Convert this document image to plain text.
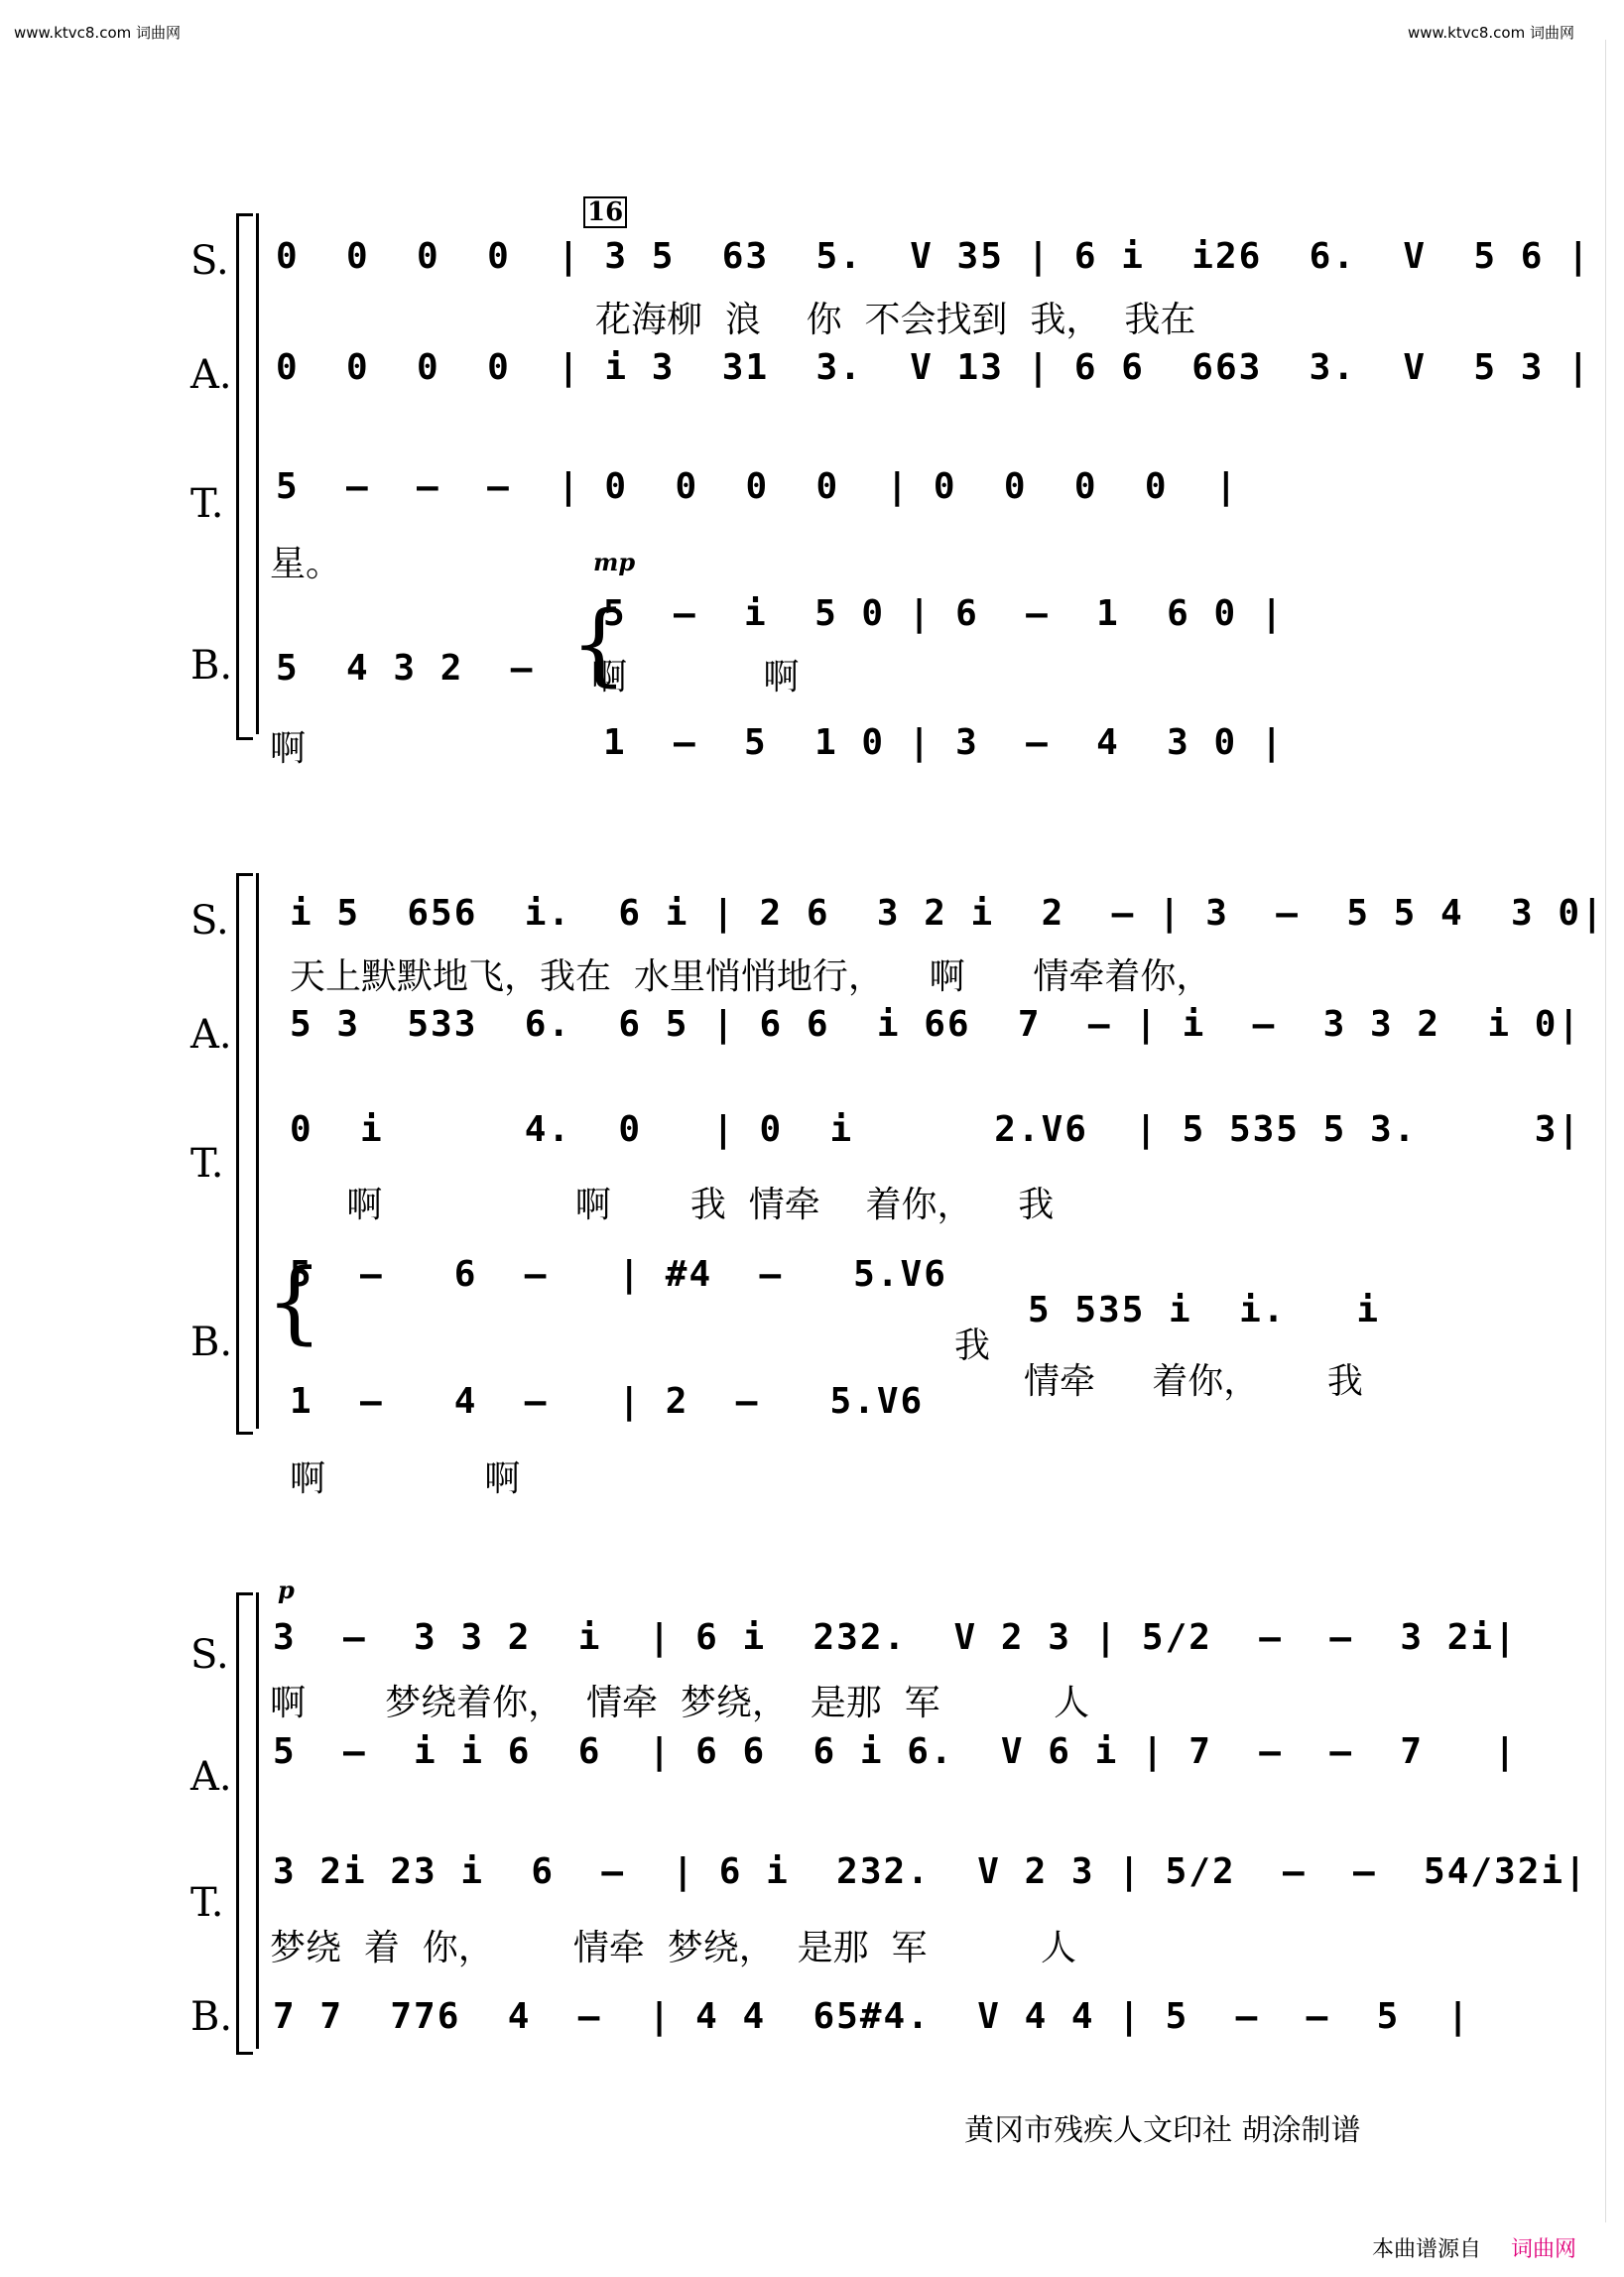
www.ktvc8.com 词曲网	www.ktvc8.com 词曲网
S.
A.
T.
B.
16
0  0  0  0  | 3 5  63  5.  V 35 | 6 i  i26  6.  V  5 6 |
花海柳  浪    你  不会找到  我，  我在
0  0  0  0  | i 3  31  3.  V 13 | 6 6  663  3.  V  5 3 |
5  –  –  –  | 0  0  0  0  | 0  0  0  0  |
星。	mp
5  –  i  5 0 | 6  –  1  6 0 |
啊            啊
1  –  5  1 0 | 3  –  4  3 0 |
{
5  4 3 2  –
啊
S.
A.
T.
B.
i 5  656  i.  6 i | 2 6  3 2 i  2  – | 3  –  5 5 4  3 0|
天上默默地飞，我在  水里悄悄地行，    啊      情牵着你，
5 3  533  6.  6 5 | 6 6  i 66  7  – | i  –  3 3 2  i 0|
0  i      4.  0   | 0  i      2.V6  | 5 535 5 3.     3|
啊                 啊       我  情牵    着你，    我
{
5  –   6  –   | #4  –   5.V6
1  –   4  –   | 2  –   5.V6
我
5 535 i  i.   i
情牵     着你，      我
啊              啊
S.
A.
T.
B.
p
3  –  3 3 2  i  | 6 i  232.  V 2 3 | 5/2  –  –  3 2i|
啊       梦绕着你，  情牵  梦绕，  是那  军          人
5  –  i i 6  6  | 6 6  6 i 6.  V 6 i | 7  –  –  7   |
3 2i 23 i  6  –  | 6 i  232.  V 2 3 | 5/2  –  –  54/32i|
梦绕  着  你，       情牵  梦绕，  是那  军          人
7 7  776  4  –  | 4 4  65#4.  V 4 4 | 5  –  –  5  |
黄冈市残疾人文印社 胡涂制谱
本曲谱源自 词曲网
